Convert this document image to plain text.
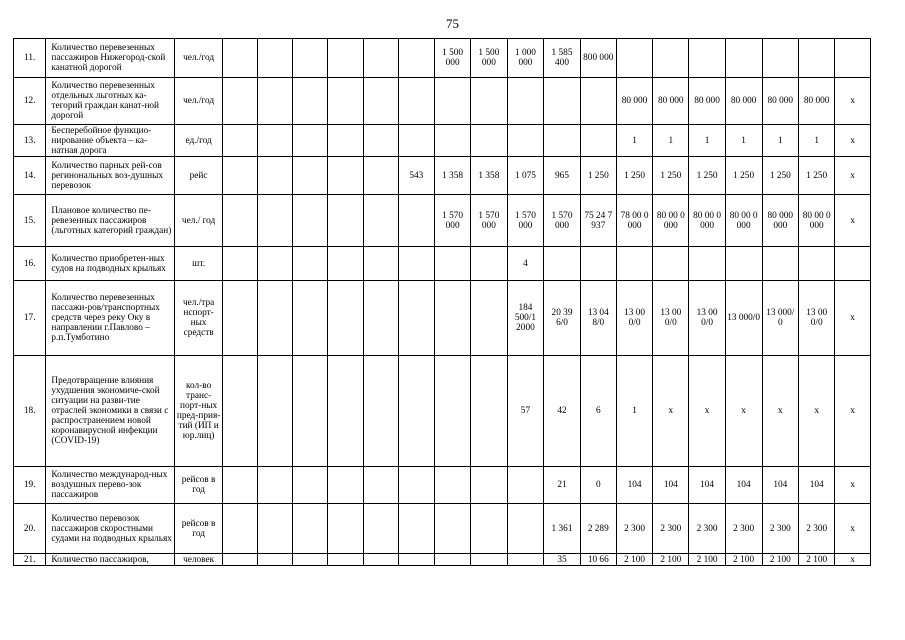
75
11.	Количество перевезенных пассажиров Нижегород-ской канатной дорогой	чел./год							1 500 000	1 500 000	1 000 000	1 585 400	800 000							
12.	Количество перевезенных отдельных льготных ка-тегорий граждан канат-ной дорогой	чел./год												80 000	80 000	80 000	80 000	80 000	80 000	x
13.	Бесперебойное функцио-нирование объекта – ка-натная дорога	ед./год												1	1	1	1	1	1	x
14.	Количество парных рей-сов регинональных воз-душных перевозок	рейс						543	1 358	1 358	1 075	965	1 250	1 250	1 250	1 250	1 250	1 250	1 250	x
15.	Плановое количество пе-ревезенных пассажиров (льготных категорий граждан)	чел./ год							1 570 000	1 570 000	1 570 000	1 570 000	75 24 7 937	78 00 0 000	80 00 0 000	80 00 0 000	80 00 0 000	80 000 000	80 00 0 000	x
16.	Количество приобретен-ных судов на подводных крыльях	шт.									4									
17.	Количество перевезенных пассажи-ров/транспортных средств через реку Оку в направлении г.Павлово – р.п.Тумботино	чел./тра нспорт-ных средств									184 500/1 2000	20 39 6/0	13 04 8/0	13 00 0/0	13 00 0/0	13 00 0/0	13 000/0	13 000/ 0	13 00 0/0	x
18.	Предотвращение влияния ухудшения экономиче-ской ситуации на разви-тие отраслей экономики в связи с распространением новой коронавирусной инфекции (COVID-19)	кол-во транс-порт-ных пред-прия-тий (ИП и юр.лиц)									57	42	6	1	x	x	x	x	x	x
19.	Количество международ-ных воздушных перево-зок пассажиров	рейсов в год										21	0	104	104	104	104	104	104	x
20.	Количество перевозок пассажиров скоростными судами на подводных крыльях	рейсов в год										1 361	2 289	2 300	2 300	2 300	2 300	2 300	2 300	x
21.	Количество пассажиров,	человек										35	10 66	2 100	2 100	2 100	2 100	2 100	2 100	x
